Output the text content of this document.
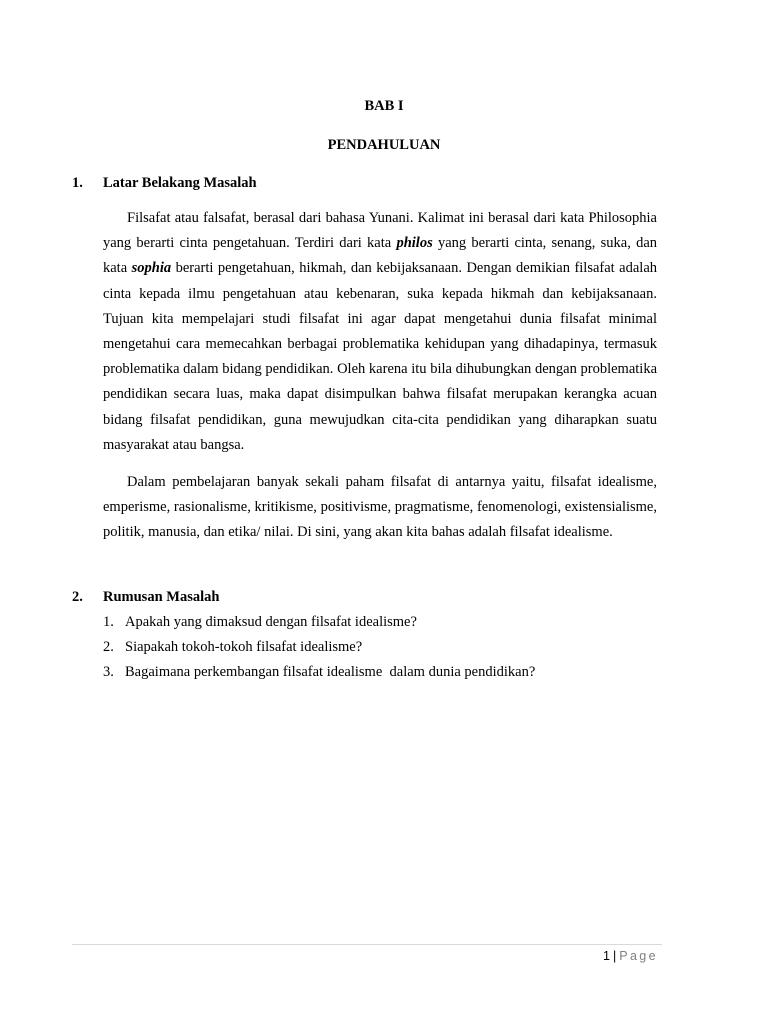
BAB I
PENDAHULUAN
1. Latar Belakang Masalah

Filsafat atau falsafat, berasal dari bahasa Yunani. Kalimat ini berasal dari kata Philosophia yang berarti cinta pengetahuan. Terdiri dari kata philos yang berarti cinta, senang, suka, dan kata sophia berarti pengetahuan, hikmah, dan kebijaksanaan. Dengan demikian filsafat adalah cinta kepada ilmu pengetahuan atau kebenaran, suka kepada hikmah dan kebijaksanaan. Tujuan kita mempelajari studi filsafat ini agar dapat mengetahui dunia filsafat minimal mengetahui cara memecahkan berbagai problematika kehidupan yang dihadapinya, termasuk problematika dalam bidang pendidikan. Oleh karena itu bila dihubungkan dengan problematika pendidikan secara luas, maka dapat disimpulkan bahwa filsafat merupakan kerangka acuan bidang filsafat pendidikan, guna mewujudkan cita-cita pendidikan yang diharapkan suatu masyarakat atau bangsa.

Dalam pembelajaran banyak sekali paham filsafat di antarnya yaitu, filsafat idealisme, emperisme, rasionalisme, kritikisme, positivisme, pragmatisme, fenomenologi, existensialisme, politik, manusia, dan etika/ nilai. Di sini, yang akan kita bahas adalah filsafat idealisme.

2. Rumusan Masalah
1. Apakah yang dimaksud dengan filsafat idealisme?
2. Siapakah tokoh-tokoh filsafat idealisme?
3. Bagaimana perkembangan filsafat idealisme  dalam dunia pendidikan?
1 | Page
